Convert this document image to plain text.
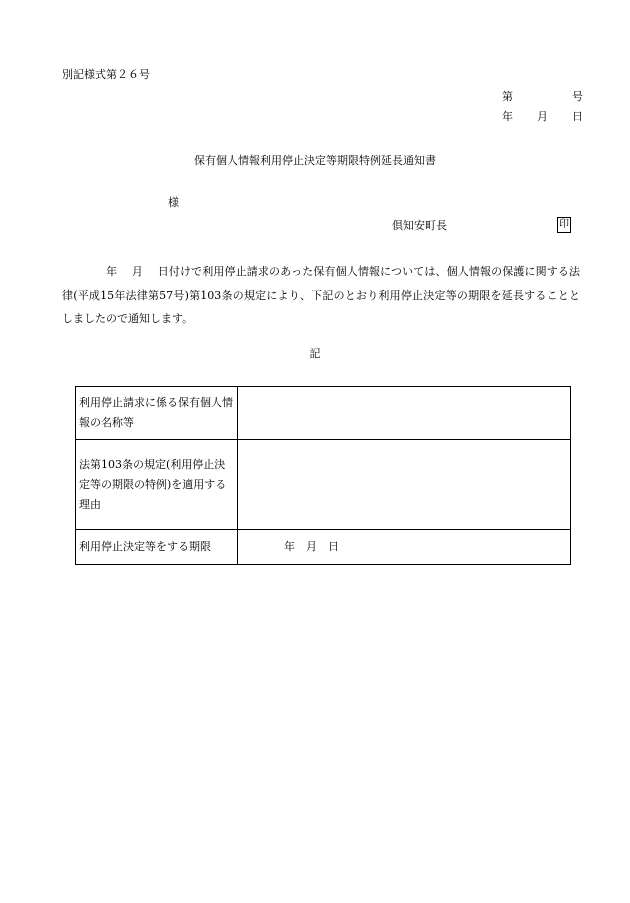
別記様式第２６号
第	号
年 月 日
保有個人情報利用停止決定等期限特例延長通知書
様
倶知安町長	印
年　 月　 日付けで利用停止請求のあった保有個人情報については、個人情報の保護に関する法律(平成15年法律第57号)第103条の規定により、下記のとおり利用停止決定等の期限を延長することとしましたので通知します。
記
利用停止請求に係る保有個人情報の名称等	
法第103条の規定(利用停止決定等の期限の特例)を適用する理由	
利用停止決定等をする期限	年　月　日
